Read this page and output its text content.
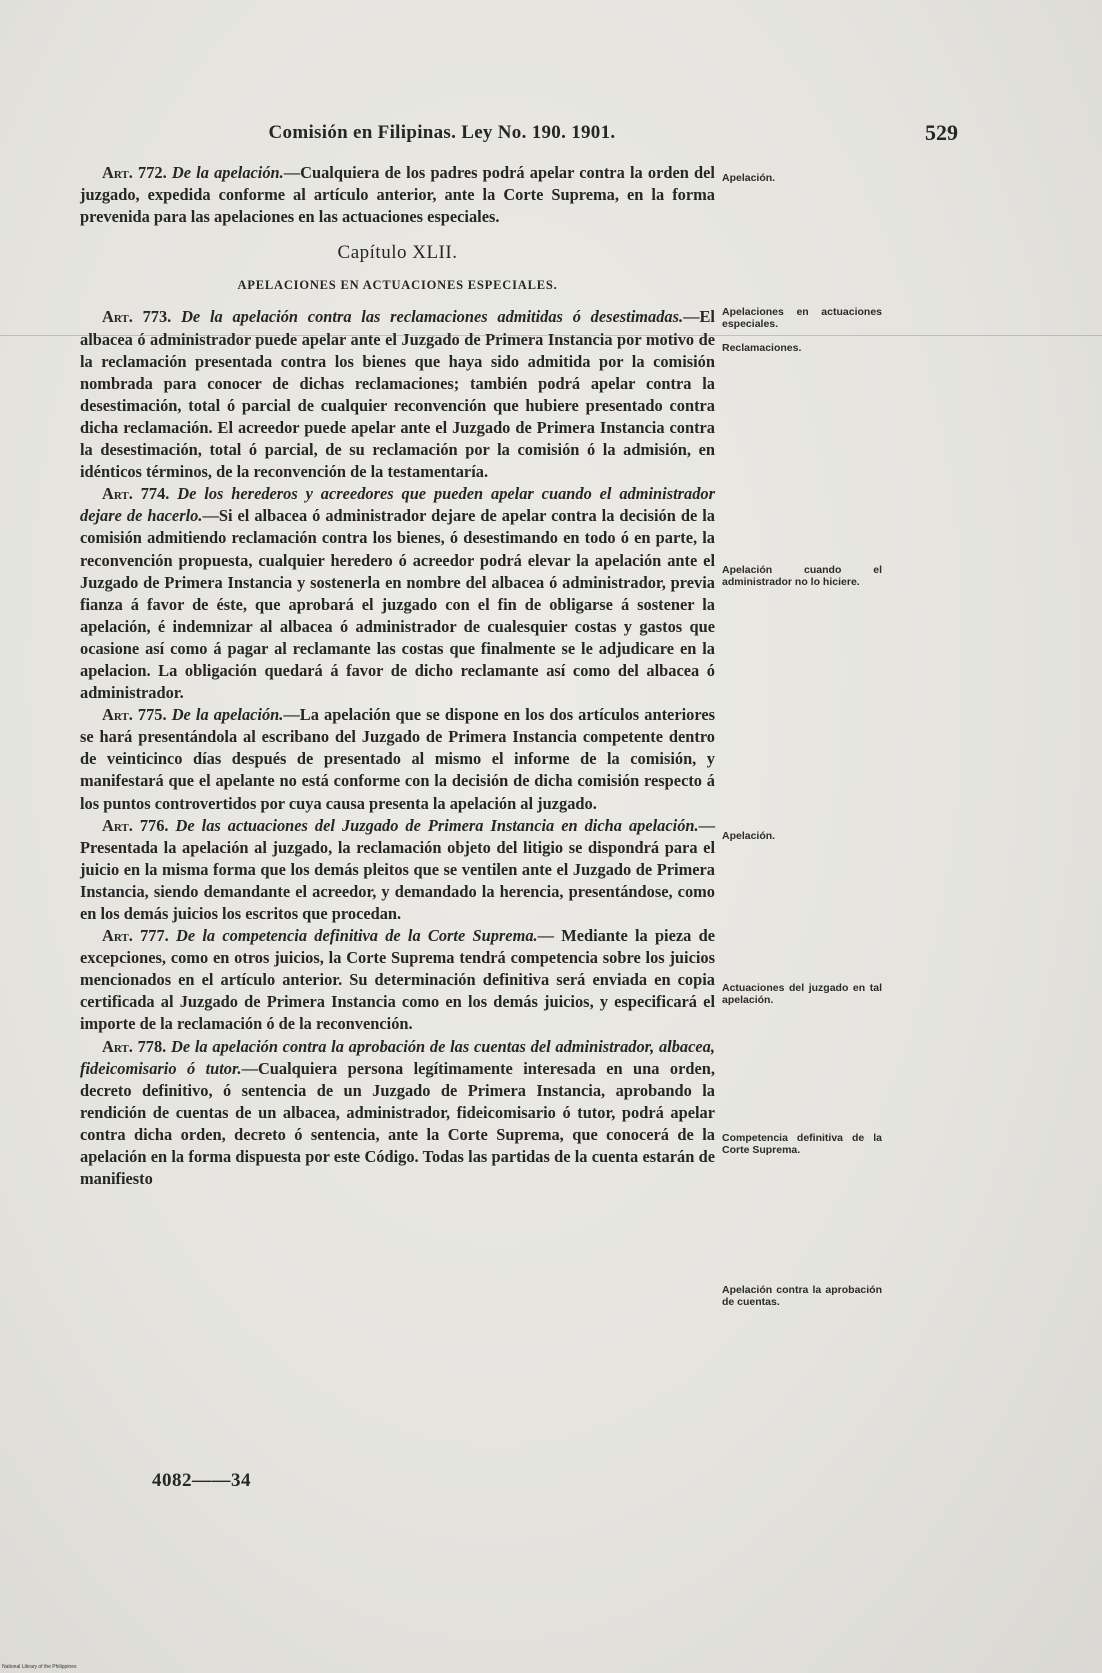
Comisión en Filipinas. Ley No. 190. 1901.	529

Art. 772. De la apelación.—Cualquiera de los padres podrá apelar contra la orden del juzgado, expedida conforme al artículo anterior, ante la Corte Suprema, en la forma prevenida para las apelaciones en las actuaciones especiales.

Capítulo XLII.
APELACIONES EN ACTUACIONES ESPECIALES.

Art. 773. De la apelación contra las reclamaciones admitidas ó desestimadas.—El albacea ó administrador puede apelar ante el Juzgado de Primera Instancia por motivo de la reclamación presentada contra los bienes que haya sido admitida por la comisión nombrada para conocer de dichas reclamaciones; también podrá apelar contra la desestimación, total ó parcial de cualquier reconvención que hubiere presentado contra dicha reclamación. El acreedor puede apelar ante el Juzgado de Primera Instancia contra la desestimación, total ó parcial, de su reclamación por la comisión ó la admisión, en idénticos términos, de la reconvención de la testamentaría.

Art. 774. De los herederos y acreedores que pueden apelar cuando el administrador dejare de hacerlo.—Si el albacea ó administrador dejare de apelar contra la decisión de la comisión admitiendo reclamación contra los bienes, ó desestimando en todo ó en parte, la reconvención propuesta, cualquier heredero ó acreedor podrá elevar la apelación ante el Juzgado de Primera Instancia y sostenerla en nombre del albacea ó administrador, previa fianza á favor de éste, que aprobará el juzgado con el fin de obligarse á sostener la apelación, é indemnizar al albacea ó administrador de cualesquier costas y gastos que ocasione así como á pagar al reclamante las costas que finalmente se le adjudicare en la apelacion. La obligación quedará á favor de dicho reclamante así como del albacea ó administrador.

Art. 775. De la apelación.—La apelación que se dispone en los dos artículos anteriores se hará presentándola al escribano del Juzgado de Primera Instancia competente dentro de veinticinco días después de presentado al mismo el informe de la comisión, y manifestará que el apelante no está conforme con la decisión de dicha comisión respecto á los puntos controvertidos por cuya causa presenta la apelación al juzgado.

Art. 776. De las actuaciones del Juzgado de Primera Instancia en dicha apelación.—Presentada la apelación al juzgado, la reclamación objeto del litigio se dispondrá para el juicio en la misma forma que los demás pleitos que se ventilen ante el Juzgado de Primera Instancia, siendo demandante el acreedor, y demandado la herencia, presentándose, como en los demás juicios los escritos que procedan.

Art. 777. De la competencia definitiva de la Corte Suprema.— Mediante la pieza de excepciones, como en otros juicios, la Corte Suprema tendrá competencia sobre los juicios mencionados en el artículo anterior. Su determinación definitiva será enviada en copia certificada al Juzgado de Primera Instancia como en los demás juicios, y especificará el importe de la reclamación ó de la reconvención.

Art. 778. De la apelación contra la aprobación de las cuentas del administrador, albacea, fideicomisario ó tutor.—Cualquiera persona legítimamente interesada en una orden, decreto definitivo, ó sentencia de un Juzgado de Primera Instancia, aprobando la rendición de cuentas de un albacea, administrador, fideicomisario ó tutor, podrá apelar contra dicha orden, decreto ó sentencia, ante la Corte Suprema, que conocerá de la apelación en la forma dispuesta por este Código. Todas las partidas de la cuenta estarán de manifiesto

Apelación.
Apelaciones en actuaciones especiales.
Reclamaciones.
Apelación cuando el administrador no lo hiciere.
Apelación.
Actuaciones del juzgado en tal apelación.
Competencia definitiva de la Corte Suprema.
Apelación contra la aprobación de cuentas.
4082——34
National Library of the Philippines
